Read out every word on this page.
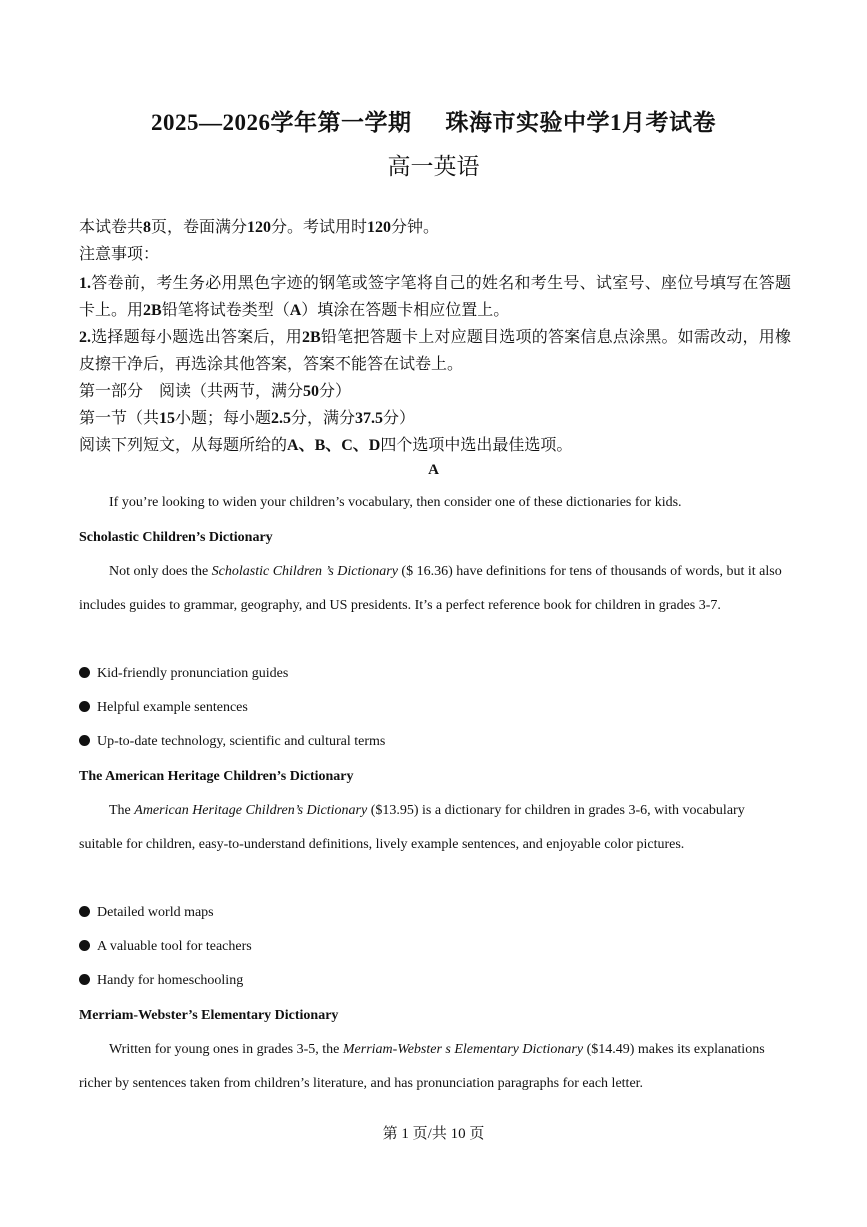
2025—2026学年第一学期 珠海市实验中学1月考试卷
高一英语
本试卷共8页，卷面满分120分。考试用时120分钟。
注意事项：
1.答卷前，考生务必用黑色字迹的钢笔或签字笔将自己的姓名和考生号、试室号、座位号填写在答题卡上。用2B铅笔将试卷类型（A）填涂在答题卡相应位置上。
2.选择题每小题选出答案后，用2B铅笔把答题卡上对应题目选项的答案信息点涂黑。如需改动，用橡皮擦干净后，再选涂其他答案，答案不能答在试卷上。
第一部分　阅读（共两节，满分50分）
第一节（共15小题；每小题2.5分，满分37.5分）
阅读下列短文，从每题所给的A、B、C、D四个选项中选出最佳选项。
A
If you’re looking to widen your children’s vocabulary, then consider one of these dictionaries for kids.
Scholastic Children’s Dictionary
Not only does the Scholastic Children ’s Dictionary ($ 16.36) have definitions for tens of thousands of words, but it also includes guides to grammar, geography, and US presidents. It’s a perfect reference book for children in grades 3-7.
Kid-friendly pronunciation guides
Helpful example sentences
Up-to-date technology, scientific and cultural terms
The American Heritage Children’s Dictionary
The American Heritage Children’s Dictionary ($13.95) is a dictionary for children in grades 3-6, with vocabulary suitable for children, easy-to-understand definitions, lively example sentences, and enjoyable color pictures.
Detailed world maps
A valuable tool for teachers
Handy for homeschooling
Merriam-Webster’s Elementary Dictionary
Written for young ones in grades 3-5, the Merriam-Webster s Elementary Dictionary ($14.49) makes its explanations richer by sentences taken from children’s literature, and has pronunciation paragraphs for each letter.
第 1 页/共 10 页
